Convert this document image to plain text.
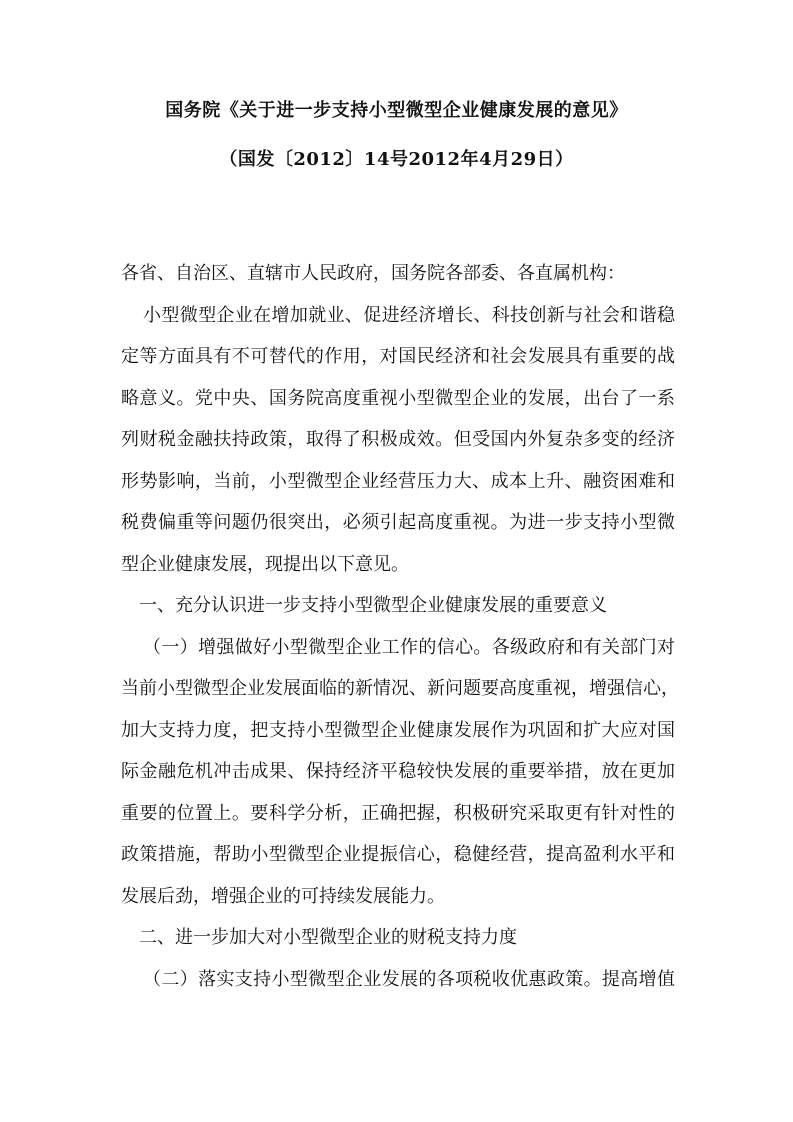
国务院《关于进一步支持小型微型企业健康发展的意见》
（国发〔2012〕14号2012年4月29日）
各省、自治区、直辖市人民政府，国务院各部委、各直属机构：
小型微型企业在增加就业、促进经济增长、科技创新与社会和谐稳
定等方面具有不可替代的作用，对国民经济和社会发展具有重要的战
略意义。党中央、国务院高度重视小型微型企业的发展，出台了一系
列财税金融扶持政策，取得了积极成效。但受国内外复杂多变的经济
形势影响，当前，小型微型企业经营压力大、成本上升、融资困难和
税费偏重等问题仍很突出，必须引起高度重视。为进一步支持小型微
型企业健康发展，现提出以下意见。
一、充分认识进一步支持小型微型企业健康发展的重要意义
（一）增强做好小型微型企业工作的信心。各级政府和有关部门对
当前小型微型企业发展面临的新情况、新问题要高度重视，增强信心，
加大支持力度，把支持小型微型企业健康发展作为巩固和扩大应对国
际金融危机冲击成果、保持经济平稳较快发展的重要举措，放在更加
重要的位置上。要科学分析，正确把握，积极研究采取更有针对性的
政策措施，帮助小型微型企业提振信心，稳健经营，提高盈利水平和
发展后劲，增强企业的可持续发展能力。
二、进一步加大对小型微型企业的财税支持力度
（二）落实支持小型微型企业发展的各项税收优惠政策。提高增值
